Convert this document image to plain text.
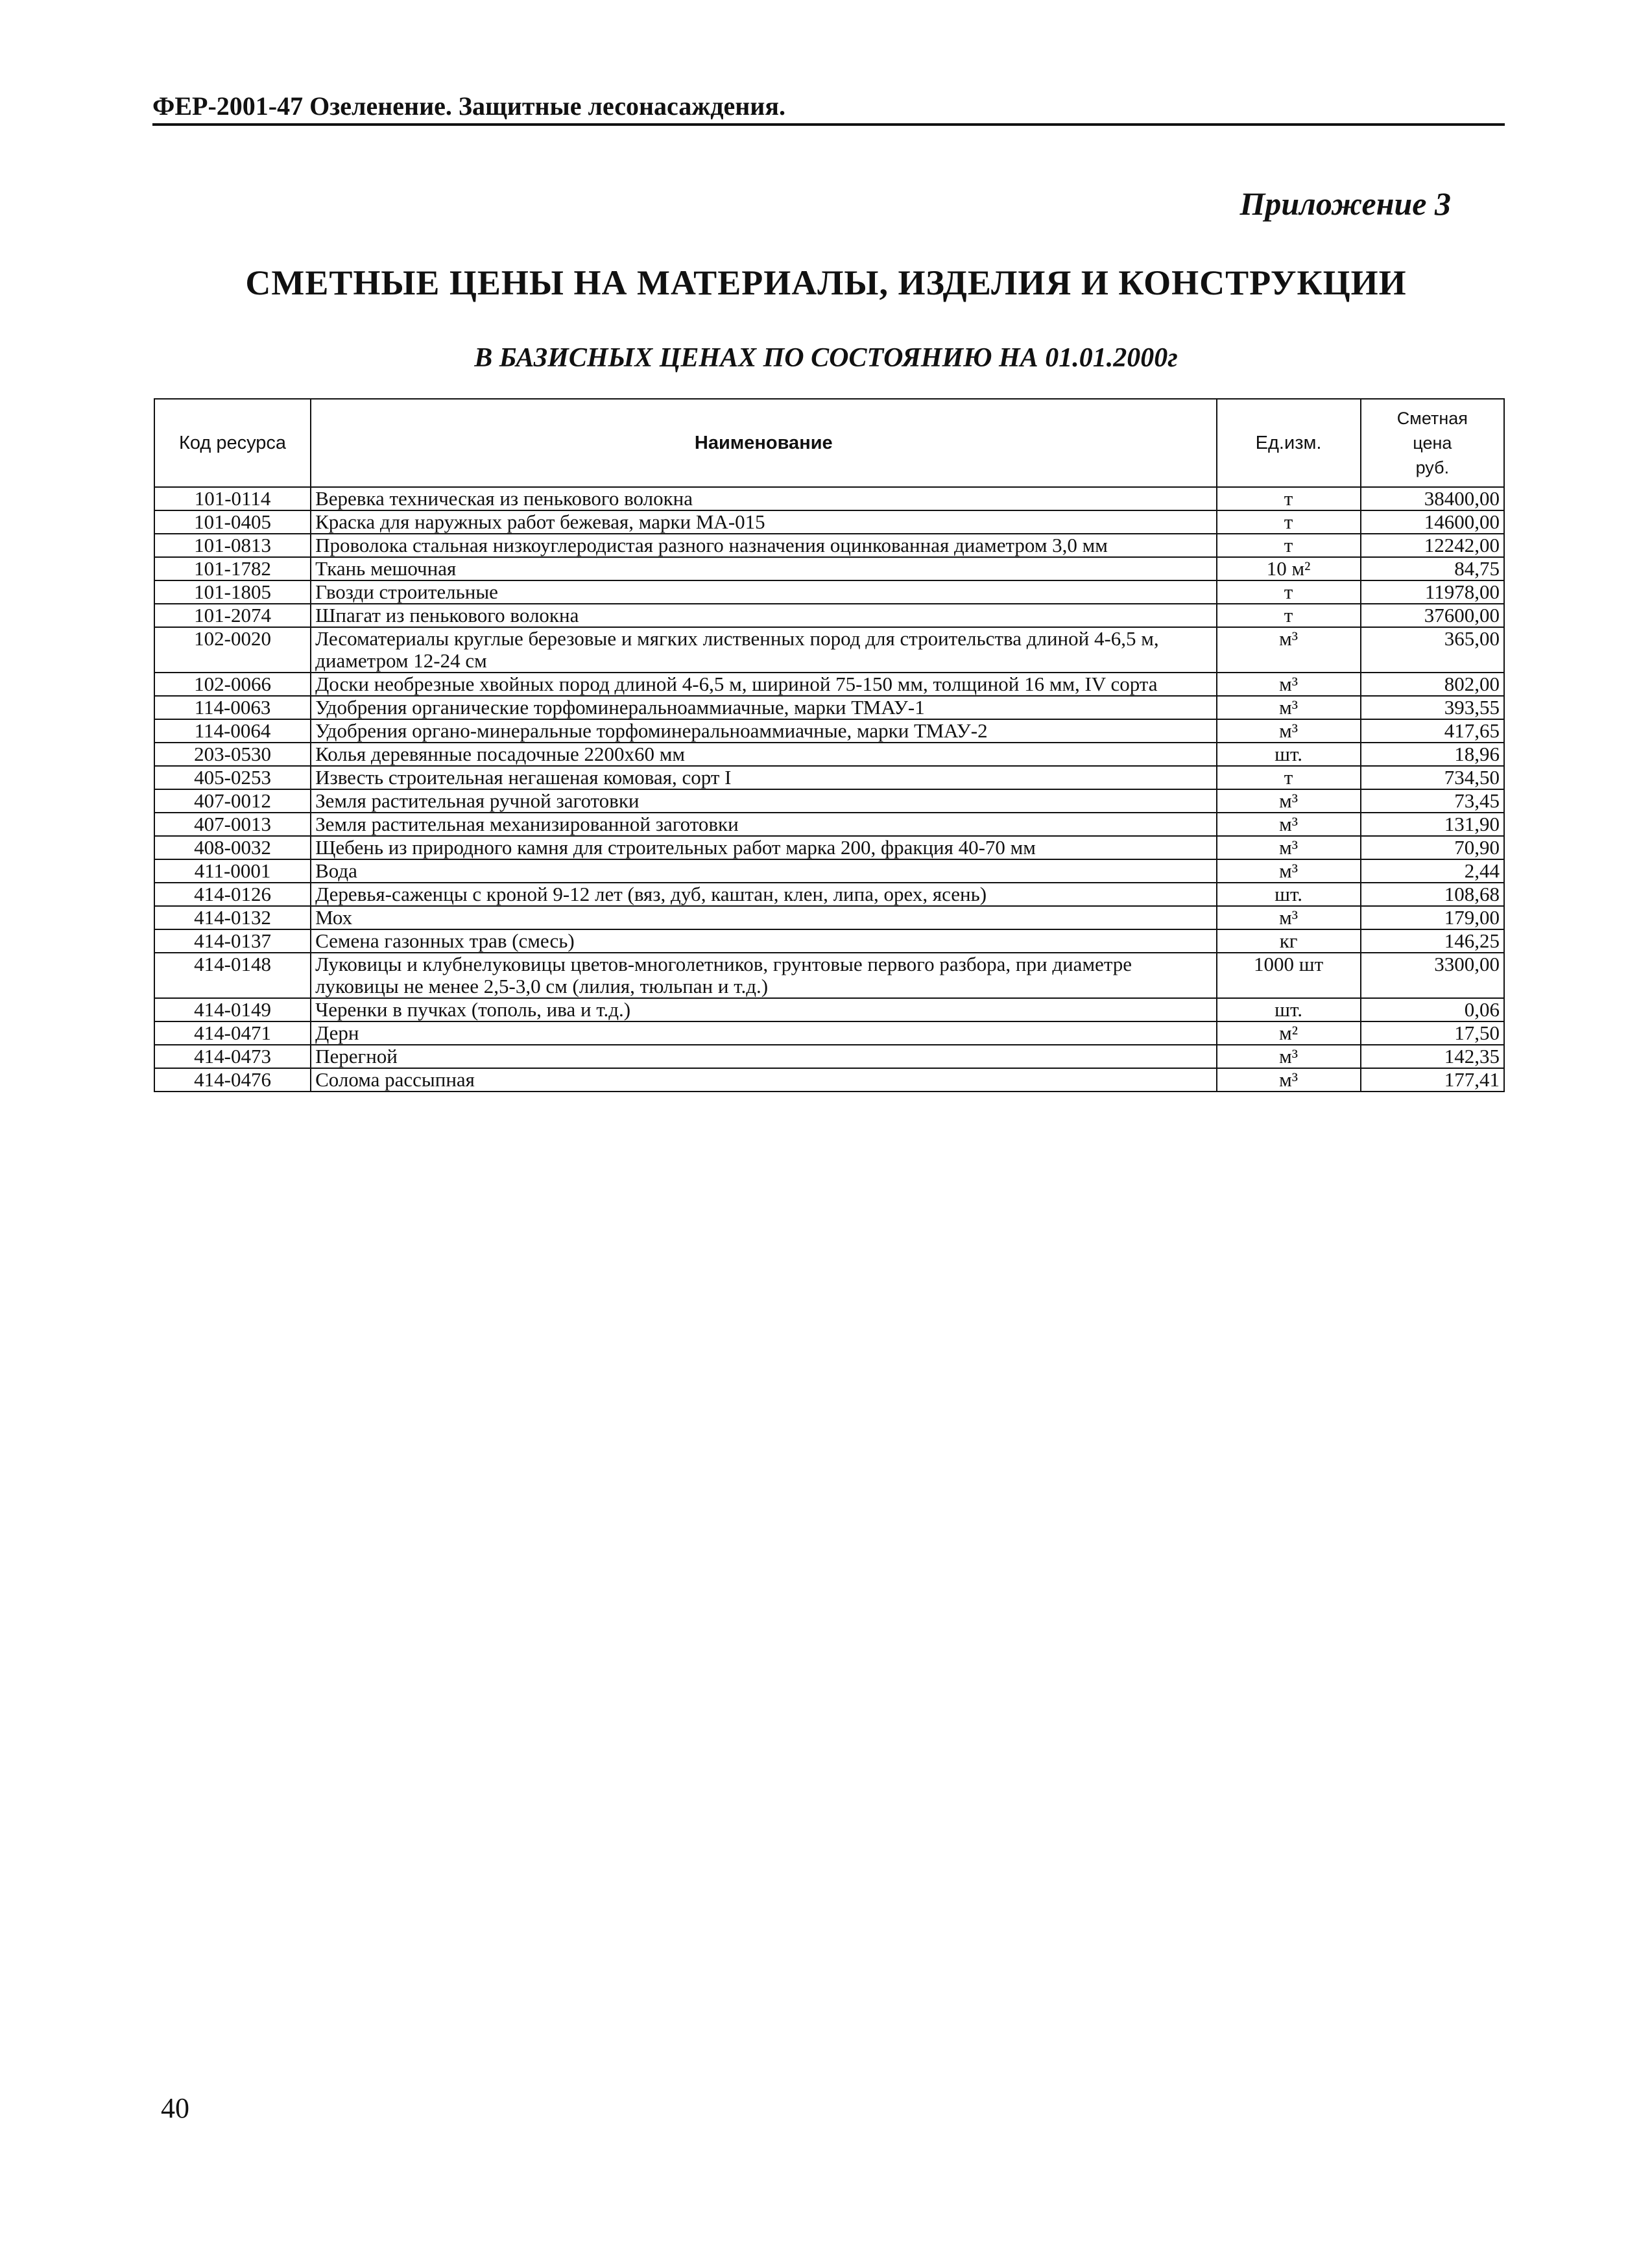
ФЕР-2001-47 Озеленение. Защитные лесонасаждения.
Приложение 3
СМЕТНЫЕ ЦЕНЫ НА МАТЕРИАЛЫ, ИЗДЕЛИЯ И КОНСТРУКЦИИ
В БАЗИСНЫХ ЦЕНАХ ПО СОСТОЯНИЮ НА 01.01.2000г
Код ресурса	Наименование	Ед.изм.	Сметная
цена
руб.

101-0114	Веревка техническая из пенькового волокна	т	38400,00
101-0405	Краска для наружных работ бежевая, марки МА-015	т	14600,00
101-0813	Проволока стальная низкоуглеродистая разного назначения оцинкованная диаметром 3,0 мм	т	12242,00
101-1782	Ткань мешочная	10 м²	84,75
101-1805	Гвозди строительные	т	11978,00
101-2074	Шпагат из пенькового волокна	т	37600,00
102-0020	Лесоматериалы круглые березовые и мягких лиственных пород для строительства длиной 4-6,5 м, диаметром 12-24 см	м³	365,00
102-0066	Доски необрезные хвойных пород длиной 4-6,5 м, шириной 75-150 мм, толщиной 16 мм, IV сорта	м³	802,00
114-0063	Удобрения органические торфоминеральноаммиачные, марки ТМАУ-1	м³	393,55
114-0064	Удобрения органо-минеральные торфоминеральноаммиачные, марки ТМАУ-2	м³	417,65
203-0530	Колья деревянные посадочные 2200х60 мм	шт.	18,96
405-0253	Известь строительная негашеная комовая, сорт I	т	734,50
407-0012	Земля растительная ручной заготовки	м³	73,45
407-0013	Земля растительная механизированной заготовки	м³	131,90
408-0032	Щебень из природного камня для строительных работ марка 200, фракция 40-70 мм	м³	70,90
411-0001	Вода	м³	2,44
414-0126	Деревья-саженцы с кроной 9-12 лет (вяз, дуб, каштан, клен, липа, орех, ясень)	шт.	108,68
414-0132	Мох	м³	179,00
414-0137	Семена газонных трав (смесь)	кг	146,25
414-0148	Луковицы и клубнелуковицы цветов-многолетников, грунтовые первого разбора, при диаметре луковицы не менее 2,5-3,0 см (лилия, тюльпан и т.д.)	1000 шт	3300,00
414-0149	Черенки в пучках (тополь, ива и т.д.)	шт.	0,06
414-0471	Дерн	м²	17,50
414-0473	Перегной	м³	142,35
414-0476	Солома рассыпная	м³	177,41
40
